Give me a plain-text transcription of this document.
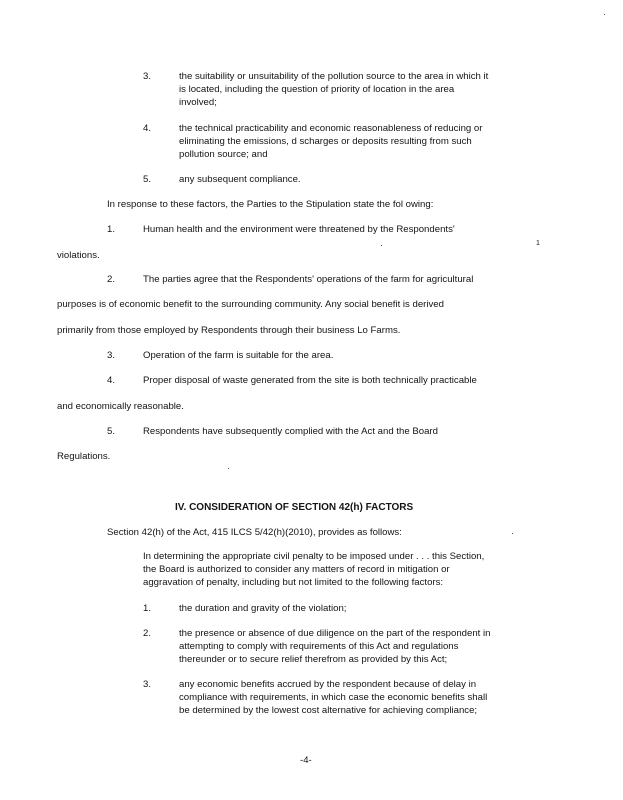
3.	the suitability or unsuitability of the pollution source to the area in which it
is located, including the question of priority of location in the area
involved;
4.	the technical practicability and economic reasonableness of reducing or
eliminating the emissions, d scharges or deposits resulting from such
pollution source; and
5.	any subsequent compliance.
In response to these factors, the Parties to the Stipulation state the fol owing:
1.	Human health and the environment were threatened by the Respondents'
violations.
2.	The parties agree that the Respondents' operations of the farm for agricultural
purposes is of economic benefit to the surrounding community. Any social benefit is derived
primarily from those employed by Respondents through their business Lo Farms.
3.	Operation of the farm is suitable for the area.
4.	Proper disposal of waste generated from the site is both technically practicable
and economically reasonable.
5.	Respondents have subsequently complied with the Act and the Board
Regulations.
IV. CONSIDERATION OF SECTION 42(h) FACTORS
Section 42(h) of the Act, 415 ILCS 5/42(h)(2010), provides as follows:
In determining the appropriate civil penalty to be imposed under . . . this Section,
the Board is authorized to consider any matters of record in mitigation or
aggravation of penalty, including but not limited to the following factors:
1.	the duration and gravity of the violation;
2.	the presence or absence of due diligence on the part of the respondent in
attempting to comply with requirements of this Act and regulations
thereunder or to secure relief therefrom as provided by this Act;
3.	any economic benefits accrued by the respondent because of delay in
compliance with requirements, in which case the economic benefits shall
be determined by the lowest cost alternative for achieving compliance;
-4-
1
